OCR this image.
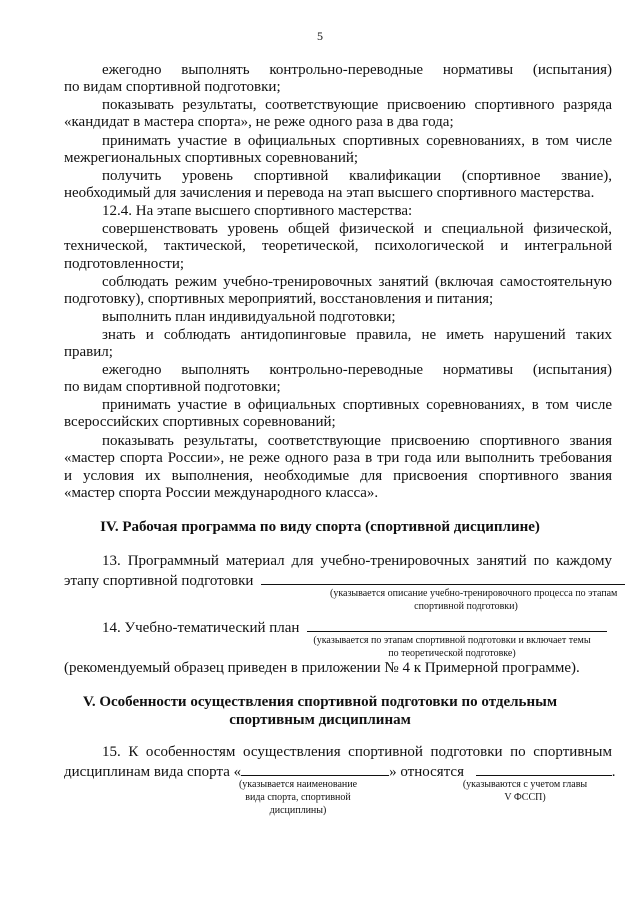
5
ежегодно выполнять контрольно-переводные нормативы (испытания)
по видам спортивной подготовки;
показывать результаты, соответствующие присвоению спортивного разряда
«кандидат в мастера спорта», не реже одного раза в два года;
принимать участие в официальных спортивных соревнованиях, в том числе
межрегиональных спортивных соревнований;
получить уровень спортивной квалификации (спортивное звание),
необходимый для зачисления и перевода на этап высшего спортивного мастерства.
12.4. На этапе высшего спортивного мастерства:
совершенствовать уровень общей физической и специальной физической,
технической, тактической, теоретической, психологической и интегральной
подготовленности;
соблюдать режим учебно-тренировочных занятий (включая самостоятельную
подготовку), спортивных мероприятий, восстановления и питания;
выполнить план индивидуальной подготовки;
знать и соблюдать антидопинговые правила, не иметь нарушений таких
правил;
ежегодно выполнять контрольно-переводные нормативы (испытания)
по видам спортивной подготовки;
принимать участие в официальных спортивных соревнованиях, в том числе
всероссийских спортивных соревнований;
показывать результаты, соответствующие присвоению спортивного звания
«мастер спорта России», не реже одного раза в три года или выполнить требования
и условия их выполнения, необходимые для присвоения спортивного звания
«мастер спорта России международного класса».
IV. Рабочая программа по виду спорта (спортивной дисциплине)
13. Программный материал для учебно-тренировочных занятий по каждому
этапу спортивной подготовки
(указывается описание учебно-тренировочного процесса по этапам
спортивной подготовки)
14. Учебно-тематический план
(указывается по этапам спортивной подготовки и включает темы
по теоретической подготовке)
(рекомендуемый образец приведен в приложении № 4 к Примерной программе).
V. Особенности осуществления спортивной подготовки по отдельным
спортивным дисциплинам
15. К особенностям осуществления спортивной подготовки по спортивным
дисциплинам вида спорта «	» относятся	.
(указывается наименование
вида спорта, спортивной
дисциплины)
(указываются с учетом главы
V ФССП)
